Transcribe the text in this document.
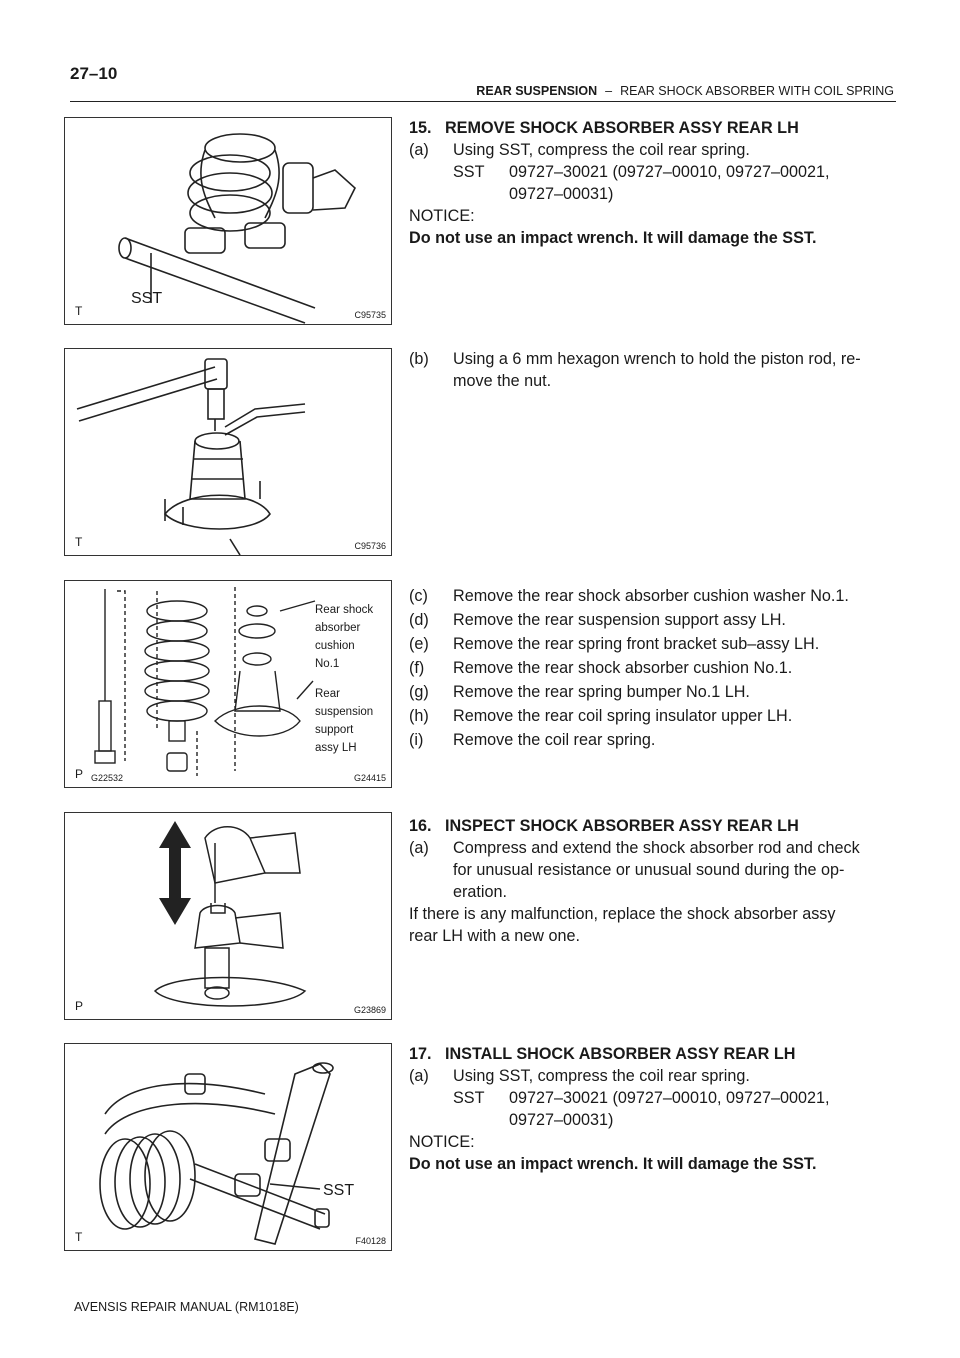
27–10
REAR SUSPENSION – REAR SHOCK ABSORBER WITH COIL SPRING
SST
T	C95735
T	C95736
Rear shock
absorber
cushion
No.1
Rear
suspension
support
assy LH
P G22532	G24415
P	G23869
SST
T	F40128

15.   REMOVE SHOCK ABSORBER ASSY REAR LH

(a)	Using SST, compress the coil rear spring.
SST	09727–30021 (09727–00010, 09727–00021,

09727–00031)

NOTICE:

Do not use an impact wrench. It will damage the SST.

(b)	Using a 6 mm hexagon wrench to hold the piston rod, re-

move the nut.

(c)	Remove the rear shock absorber cushion washer No.1.
(d)	Remove the rear suspension support assy LH.
(e)	Remove the rear spring front bracket sub–assy LH.
(f)	Remove the rear shock absorber cushion No.1.
(g)	Remove the rear spring bumper No.1 LH.
(h)	Remove the rear coil spring insulator upper LH.
(i)	Remove the coil rear spring.

16.   INSPECT SHOCK ABSORBER ASSY REAR LH

(a)	Compress and extend the shock absorber rod and check

for unusual resistance or unusual sound during the op-

eration.

If there is any malfunction, replace the shock absorber assy

rear LH with a new one.

17.   INSTALL SHOCK ABSORBER ASSY REAR LH

(a)	Using SST, compress the coil rear spring.
SST	09727–30021 (09727–00010, 09727–00021,

09727–00031)

NOTICE:

Do not use an impact wrench. It will damage the SST.

AVENSIS REPAIR MANUAL (RM1018E)
